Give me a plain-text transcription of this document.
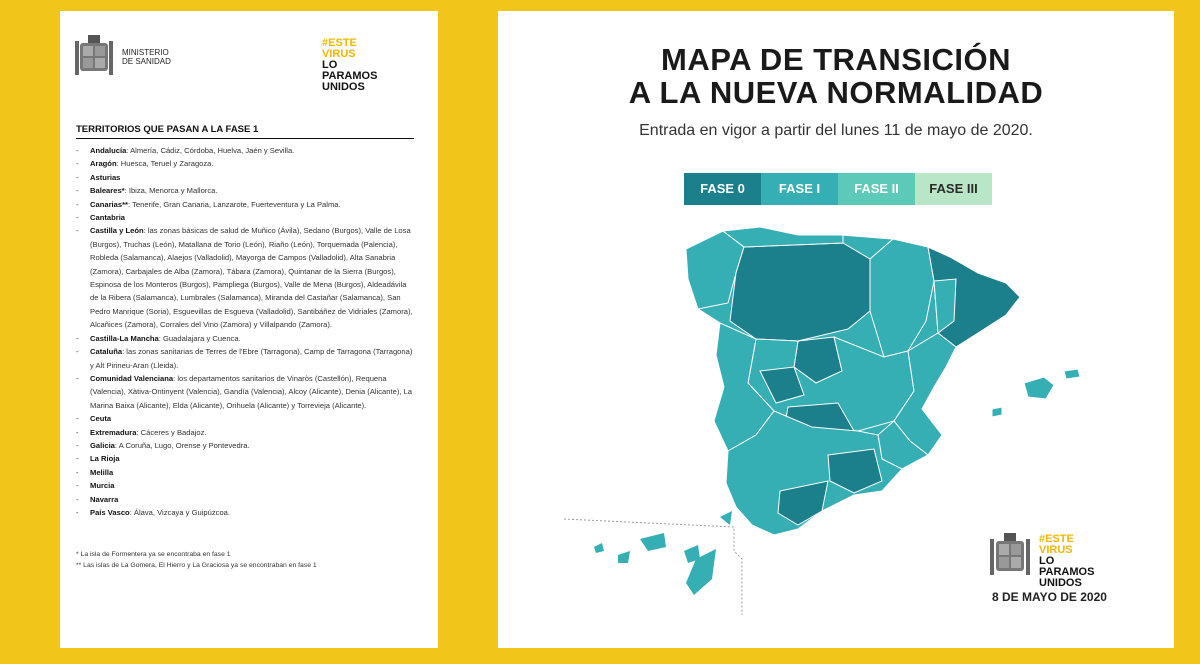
MINISTERIO
DE SANIDAD
#ESTE
VIRUS
LO
PARAMOS
UNIDOS
TERRITORIOS QUE PASAN A LA FASE 1
- Andalucía: Almería, Cádiz, Córdoba, Huelva, Jaén y Sevilla.
- Aragón: Huesca, Teruel y Zaragoza.
- Asturias
- Baleares*: Ibiza, Menorca y Mallorca.
- Canarias**: Tenerife, Gran Canaria, Lanzarote, Fuerteventura y La Palma.
- Cantabria
- Castilla y León: las zonas básicas de salud de Muñico (Ávila), Sedano (Burgos), Valle de Losa (Burgos), Truchas (León), Matallana de Torio (León), Riaño (León), Torquemada (Palencia), Robleda (Salamanca), Alaejos (Valladolid), Mayorga de Campos (Valladolid), Alta Sanabria (Zamora), Carbajales de Alba (Zamora), Tábara (Zamora), Quintanar de la Sierra (Burgos), Espinosa de los Monteros (Burgos), Pampliega (Burgos), Valle de Mena (Burgos), Aldeadávila de la Ribera (Salamanca), Lumbrales (Salamanca), Miranda del Castañar (Salamanca), San Pedro Manrique (Soria), Esguevillas de Esgueva (Valladolid), Santibáñez de Vidriales (Zamora), Alcañices (Zamora), Corrales del Vino (Zamora) y Villalpando (Zamora).
- Castilla-La Mancha: Guadalajara y Cuenca.
- Cataluña: las zonas sanitarias de Terres de l'Ebre (Tarragona), Camp de Tarragona (Tarragona) y Alt Pirineu-Aran (Lleida).
- Comunidad Valenciana: los departamentos sanitarios de Vinaròs (Castellón), Requena (Valencia), Xàtiva-Ontinyent (Valencia), Gandía (Valencia), Alcoy (Alicante), Denia (Alicante), La Marina Baixa (Alicante), Elda (Alicante), Orihuela (Alicante) y Torrevieja (Alicante).
- Ceuta
- Extremadura: Cáceres y Badajoz.
- Galicia: A Coruña, Lugo, Orense y Pontevedra.
- La Rioja
- Melilla
- Murcia
- Navarra
- País Vasco: Álava, Vizcaya y Guipúzcoa.
* La isla de Formentera ya se encontraba en fase 1
** Las islas de La Gomera, El Hierro y La Graciosa ya se encontraban en fase 1
MAPA DE TRANSICIÓN
A LA NUEVA NORMALIDAD
Entrada en vigor a partir del lunes 11 de mayo de 2020.
FASE 0	FASE I	FASE II	FASE III
#ESTE
VIRUS
LO
PARAMOS
UNIDOS
8 DE MAYO DE 2020
